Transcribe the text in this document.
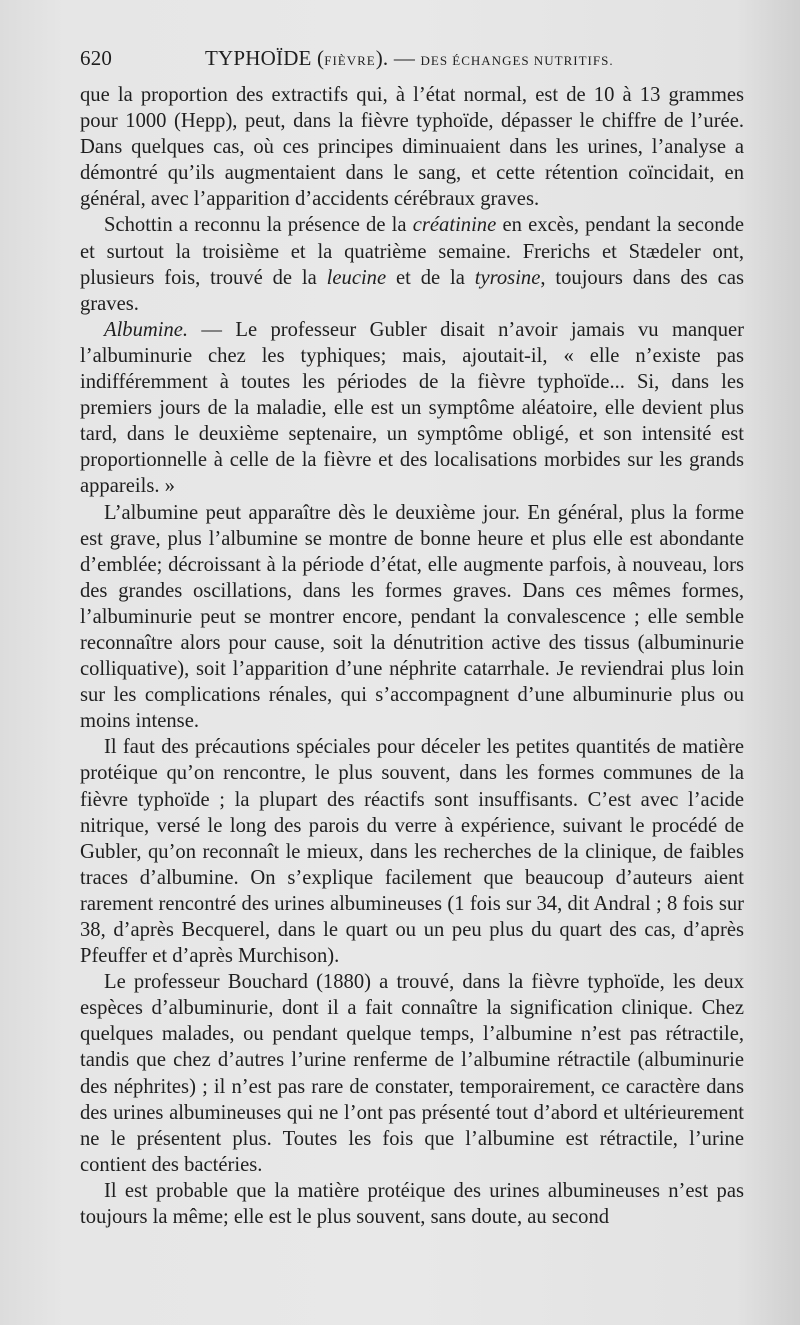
620	TYPHOÏDE (FIÈVRE). — DES ÉCHANGES NUTRITIFS.

que la proportion des extractifs qui, à l’état normal, est de 10 à 13 grammes pour 1000 (Hepp), peut, dans la fièvre typhoïde, dépasser le chiffre de l’urée. Dans quelques cas, où ces principes diminuaient dans les urines, l’analyse a démontré qu’ils augmentaient dans le sang, et cette rétention coïncidait, en général, avec l’apparition d’accidents cérébraux graves.

Schottin a reconnu la présence de la créatinine en excès, pendant la seconde et surtout la troisième et la quatrième semaine. Frerichs et Stædeler ont, plusieurs fois, trouvé de la leucine et de la tyrosine, toujours dans des cas graves.

Albumine. — Le professeur Gubler disait n’avoir jamais vu manquer l’albuminurie chez les typhiques; mais, ajoutait-il, « elle n’existe pas indifféremment à toutes les périodes de la fièvre typhoïde... Si, dans les premiers jours de la maladie, elle est un symptôme aléatoire, elle devient plus tard, dans le deuxième septenaire, un symptôme obligé, et son intensité est proportionnelle à celle de la fièvre et des localisations morbides sur les grands appareils. »

L’albumine peut apparaître dès le deuxième jour. En général, plus la forme est grave, plus l’albumine se montre de bonne heure et plus elle est abondante d’emblée; décroissant à la période d’état, elle augmente parfois, à nouveau, lors des grandes oscillations, dans les formes graves. Dans ces mêmes formes, l’albuminurie peut se montrer encore, pendant la convalescence ; elle semble reconnaître alors pour cause, soit la dénutrition active des tissus (albuminurie colliquative), soit l’apparition d’une néphrite catarrhale. Je reviendrai plus loin sur les complications rénales, qui s’accompagnent d’une albuminurie plus ou moins intense.

Il faut des précautions spéciales pour déceler les petites quantités de matière protéique qu’on rencontre, le plus souvent, dans les formes communes de la fièvre typhoïde ; la plupart des réactifs sont insuffisants. C’est avec l’acide nitrique, versé le long des parois du verre à expérience, suivant le procédé de Gubler, qu’on reconnaît le mieux, dans les recherches de la clinique, de faibles traces d’albumine. On s’explique facilement que beaucoup d’auteurs aient rarement rencontré des urines albumineuses (1 fois sur 34, dit Andral ; 8 fois sur 38, d’après Becquerel, dans le quart ou un peu plus du quart des cas, d’après Pfeuffer et d’après Murchison).

Le professeur Bouchard (1880) a trouvé, dans la fièvre typhoïde, les deux espèces d’albuminurie, dont il a fait connaître la signification clinique. Chez quelques malades, ou pendant quelque temps, l’albumine n’est pas rétractile, tandis que chez d’autres l’urine renferme de l’albumine rétractile (albuminurie des néphrites) ; il n’est pas rare de constater, temporairement, ce caractère dans des urines albumineuses qui ne l’ont pas présenté tout d’abord et ultérieurement ne le présentent plus. Toutes les fois que l’albumine est rétractile, l’urine contient des bactéries.

Il est probable que la matière protéique des urines albumineuses n’est pas toujours la même; elle est le plus souvent, sans doute, au second
